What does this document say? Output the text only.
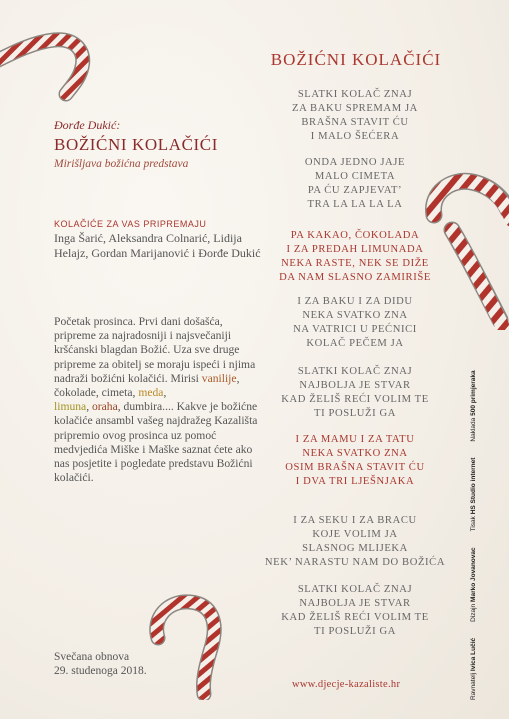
Đorđe Dukić:
BOŽIĆNI KOLAČIĆI
Mirišljava božićna predstava
KOLAČIĆE ZA VAS PRIPREMAJU
Inga Šarić, Aleksandra Colnarić, Lidija Helajz, Gordan Marijanović i Đorđe Dukić
Početak prosinca. Prvi dani došašća, pripreme za najradosniji i najsvečaniji kršćanski blagdan Božić. Uza sve druge pripreme za obitelj se moraju ispeći i njima nadraži božićni kolačići. Mirisi vanilije, čokolade, cimeta, meda,
limuna, oraha, dumbira.... Kakve je božićne kolačiće ansambl vašeg najdražeg Kazališta pripremio ovog prosinca uz pomoć medvjedića Miške i Maške saznat ćete ako nas posjetite i pogledate predstavu Božićni kolačići.
Svečana obnova
29. studenoga 2018.
BOŽIĆNI KOLAČIĆI
SLATKI KOLAČ ZNAJ
ZA BAKU SPREMAM JA
BRAŠNA STAVIT ĆU
I MALO ŠEĆERA
ONDA JEDNO JAJE
MALO CIMETA
PA ĆU ZAPJEVAT’
TRA LA LA LA LA
PA KAKAO, ČOKOLADA
I ZA PREDAH LIMUNADA
NEKA RASTE, NEK SE DIŽE
DA NAM SLASNO ZAMIRIŠE
I ZA BAKU I ZA DIDU
NEKA SVATKO ZNA
NA VATRICI U PEĆNICI
KOLAČ PEČEM JA
SLATKI KOLAČ ZNAJ
NAJBOLJA JE STVAR
KAD ŽELIŠ REĆI VOLIM TE
TI POSLUŽI GA
I ZA MAMU I ZA TATU
NEKA SVATKO ZNA
OSIM BRAŠNA STAVIT ĆU
I DVA TRI LJEŠNJAKA
I ZA SEKU I ZA BRACU
KOJE VOLIM JA
SLASNOG MLIJEKA
NEK’ NARASTU NAM DO BOŽIĆA
SLATKI KOLAČ ZNAJ
NAJBOLJA JE STVAR
KAD ŽELIŠ REĆI VOLIM TE
TI POSLUŽI GA
www.djecje-kazaliste.hr	Ravnatelj Ivica Lučić
Dizajn Marko Jovanovac
Tisak HS Studio internet
Naklada 500 primjeraka
